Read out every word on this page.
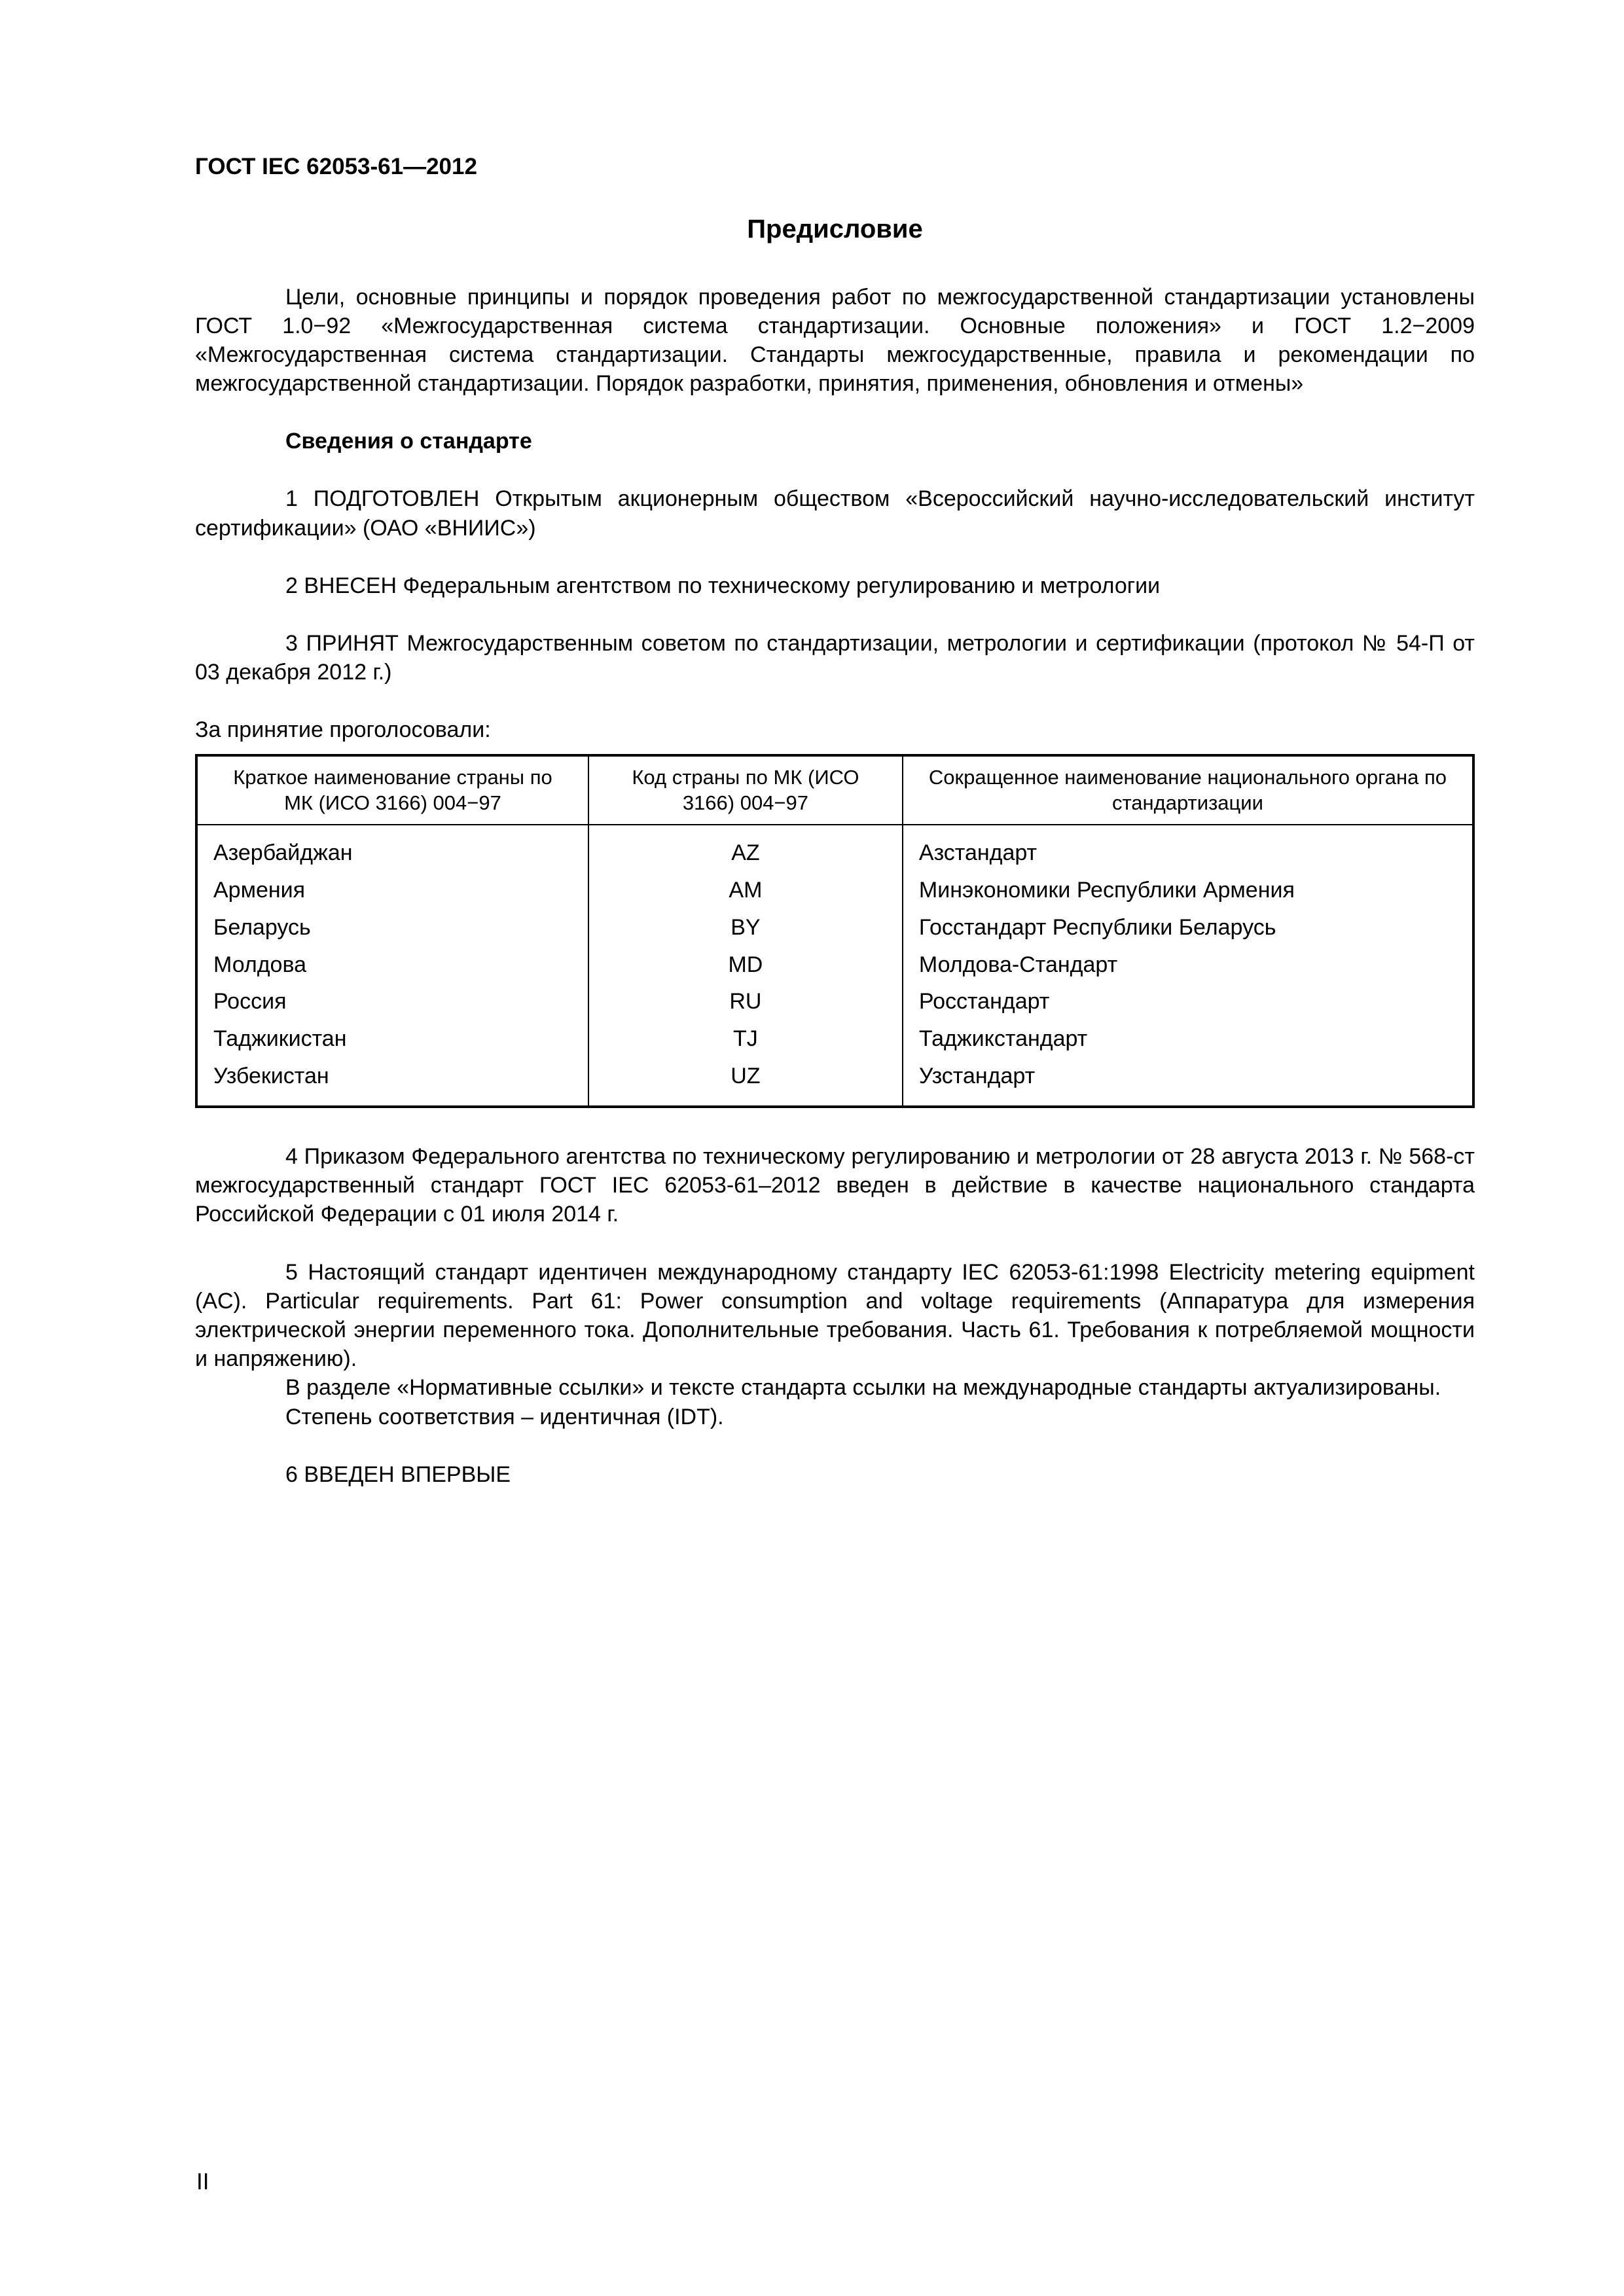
ГОСТ IEC 62053-61—2012
Предисловие

Цели, основные принципы и порядок проведения работ по межгосударственной стандартизации установлены ГОСТ 1.0−92 «Межгосударственная система стандартизации. Основные положения» и ГОСТ 1.2−2009 «Межгосударственная система стандартизации. Стандарты межгосударственные, правила и рекомендации по межгосударственной стандартизации. Порядок разработки, принятия, применения, обновления и отмены»

Сведения о стандарте

1 ПОДГОТОВЛЕН Открытым акционерным обществом «Всероссийский научно-исследовательский институт сертификации» (ОАО «ВНИИС»)

2 ВНЕСЕН Федеральным агентством по техническому регулированию и метрологии

3 ПРИНЯТ Межгосударственным советом по стандартизации, метрологии и сертификации (протокол № 54-П от 03 декабря 2012 г.)

За принятие проголосовали:

Краткое наименование страны по МК (ИСО 3166) 004−97	Код страны по МК (ИСО 3166) 004−97	Сокращенное наименование национального органа по стандартизации
Азербайджан	AZ	Азстандарт
Армения	AM	Минэкономики Республики Армения
Беларусь	BY	Госстандарт Республики Беларусь
Молдова	MD	Молдова-Стандарт
Россия	RU	Росстандарт
Таджикистан	TJ	Таджикстандарт
Узбекистан	UZ	Узстандарт

4 Приказом Федерального агентства по техническому регулированию и метрологии от 28 августа 2013 г. № 568-ст межгосударственный стандарт ГОСТ IEC 62053-61–2012 введен в действие в качестве национального стандарта Российской Федерации с 01 июля 2014 г.

5 Настоящий стандарт идентичен международному стандарту IEC 62053-61:1998 Electricity metering equipment (AC). Particular requirements. Part 61: Power consumption and voltage requirements (Аппаратура для измерения электрической энергии переменного тока. Дополнительные требования. Часть 61. Требования к потребляемой мощности и напряжению).

В разделе «Нормативные ссылки» и тексте стандарта ссылки на международные стандарты актуализированы.

Степень соответствия – идентичная (IDT).

6 ВВЕДЕН ВПЕРВЫЕ

II
